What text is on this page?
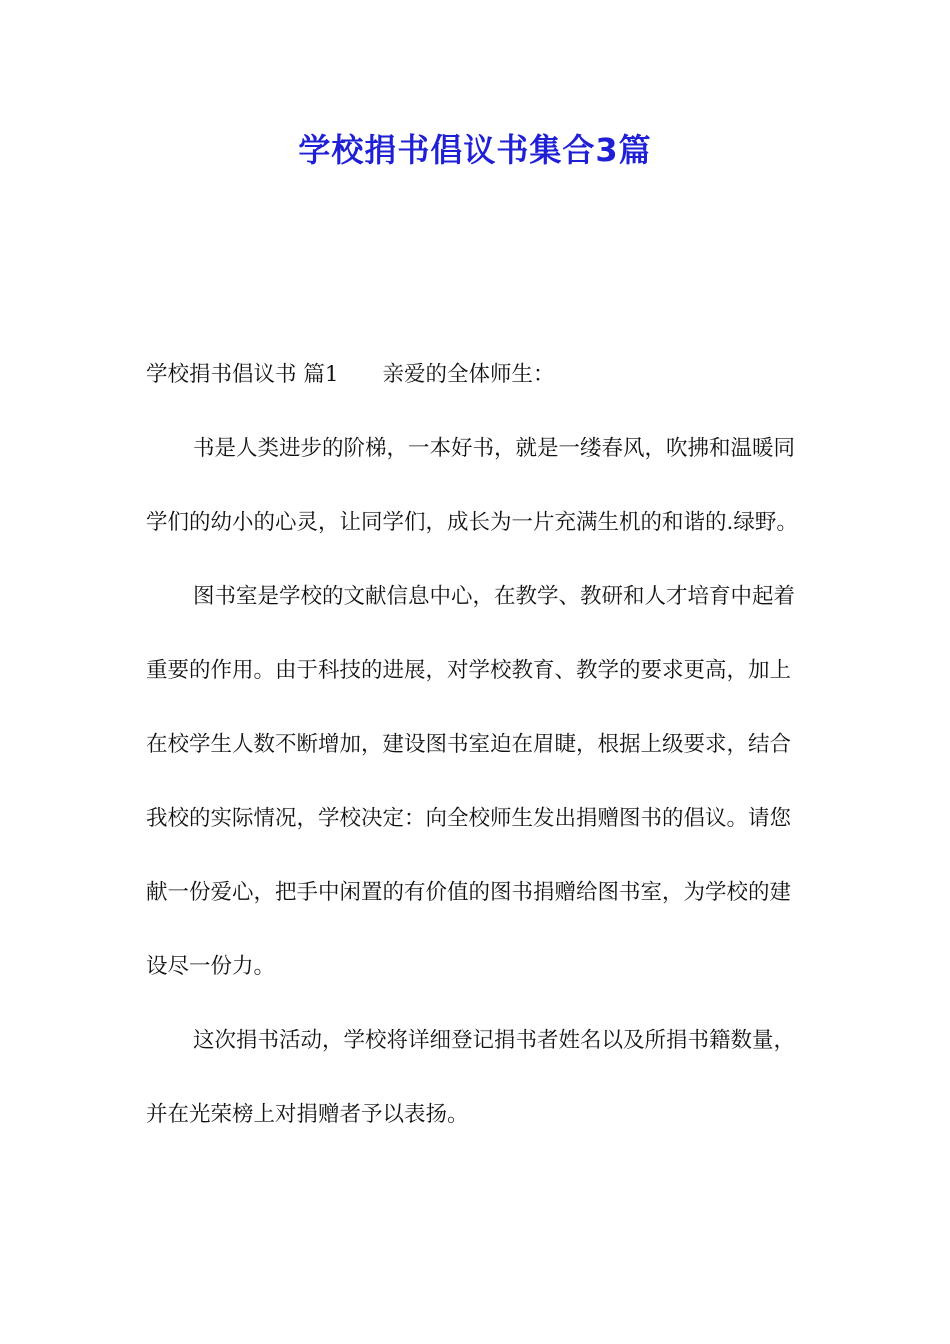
学校捐书倡议书集合3篇

学校捐书倡议书 篇1 亲爱的全体师生：

书是人类进步的阶梯，一本好书，就是一缕春风，吹拂和温暖同学们的幼小的心灵，让同学们，成长为一片充满生机的和谐的.绿野。

图书室是学校的文献信息中心，在教学、教研和人才培育中起着重要的作用。由于科技的进展，对学校教育、教学的要求更高，加上在校学生人数不断增加，建设图书室迫在眉睫，根据上级要求，结合我校的实际情况，学校决定：向全校师生发出捐赠图书的倡议。请您献一份爱心，把手中闲置的有价值的图书捐赠给图书室，为学校的建设尽一份力。

这次捐书活动，学校将详细登记捐书者姓名以及所捐书籍数量，并在光荣榜上对捐赠者予以表扬。
